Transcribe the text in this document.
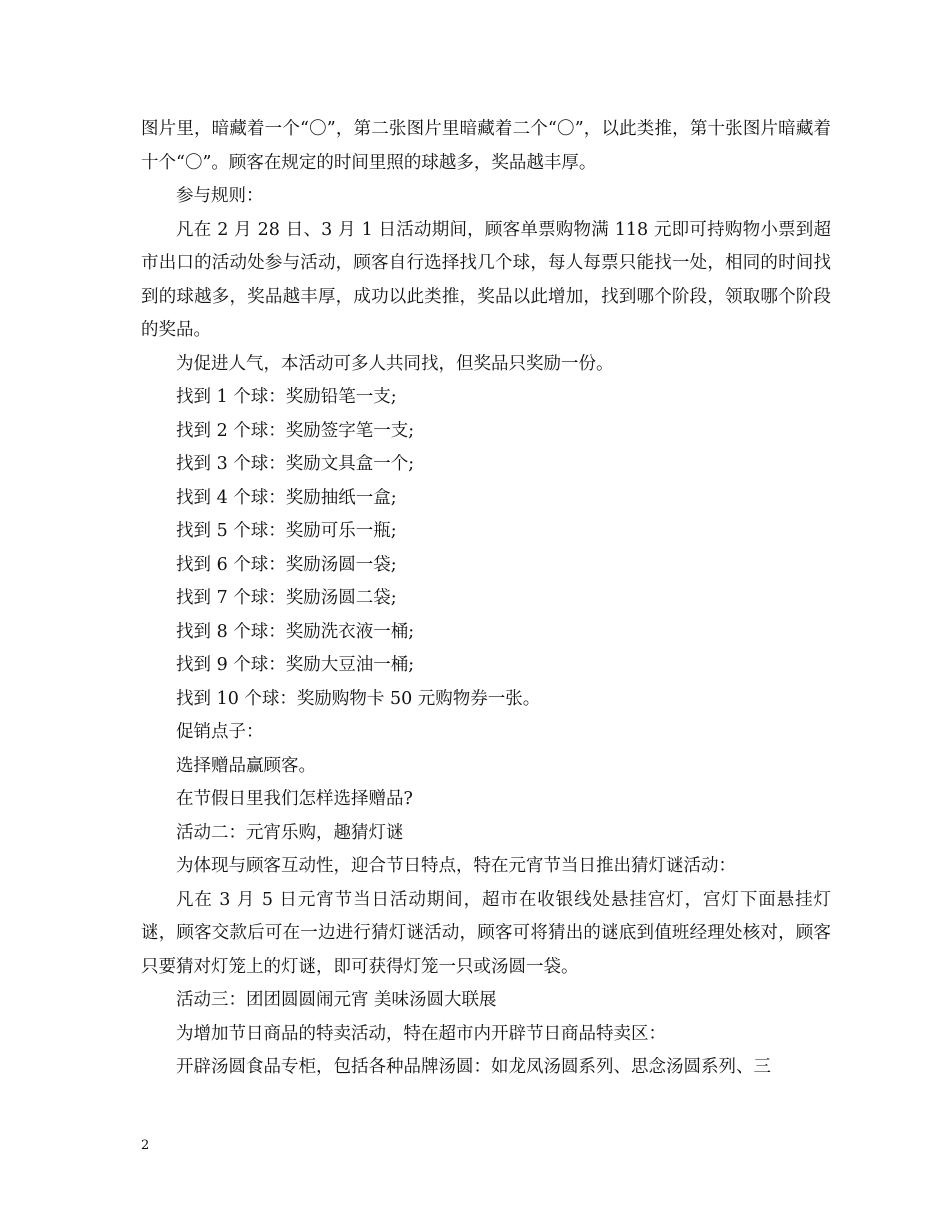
图片里，暗藏着一个“〇”，第二张图片里暗藏着二个“〇”，以此类推，第十张图片暗藏着十个“〇”。顾客在规定的时间里照的球越多，奖品越丰厚。

参与规则：

凡在 2 月 28 日、3 月 1 日活动期间，顾客单票购物满 118 元即可持购物小票到超市出口的活动处参与活动，顾客自行选择找几个球，每人每票只能找一处，相同的时间找到的球越多，奖品越丰厚，成功以此类推，奖品以此增加，找到哪个阶段，领取哪个阶段的奖品。

为促进人气，本活动可多人共同找，但奖品只奖励一份。

找到 1 个球：奖励铅笔一支;

找到 2 个球：奖励签字笔一支;

找到 3 个球：奖励文具盒一个;

找到 4 个球：奖励抽纸一盒;

找到 5 个球：奖励可乐一瓶;

找到 6 个球：奖励汤圆一袋;

找到 7 个球：奖励汤圆二袋;

找到 8 个球：奖励洗衣液一桶;

找到 9 个球：奖励大豆油一桶;

找到 10 个球：奖励购物卡 50 元购物券一张。

促销点子：

选择赠品赢顾客。

在节假日里我们怎样选择赠品?

活动二：元宵乐购，趣猜灯谜

为体现与顾客互动性，迎合节日特点，特在元宵节当日推出猜灯谜活动：

凡在 3 月 5 日元宵节当日活动期间，超市在收银线处悬挂宫灯，宫灯下面悬挂灯谜，顾客交款后可在一边进行猜灯谜活动，顾客可将猜出的谜底到值班经理处核对，顾客只要猜对灯笼上的灯谜，即可获得灯笼一只或汤圆一袋。

活动三：团团圆圆闹元宵 美味汤圆大联展

为增加节日商品的特卖活动，特在超市内开辟节日商品特卖区：

开辟汤圆食品专柜，包括各种品牌汤圆：如龙凤汤圆系列、思念汤圆系列、三

2
